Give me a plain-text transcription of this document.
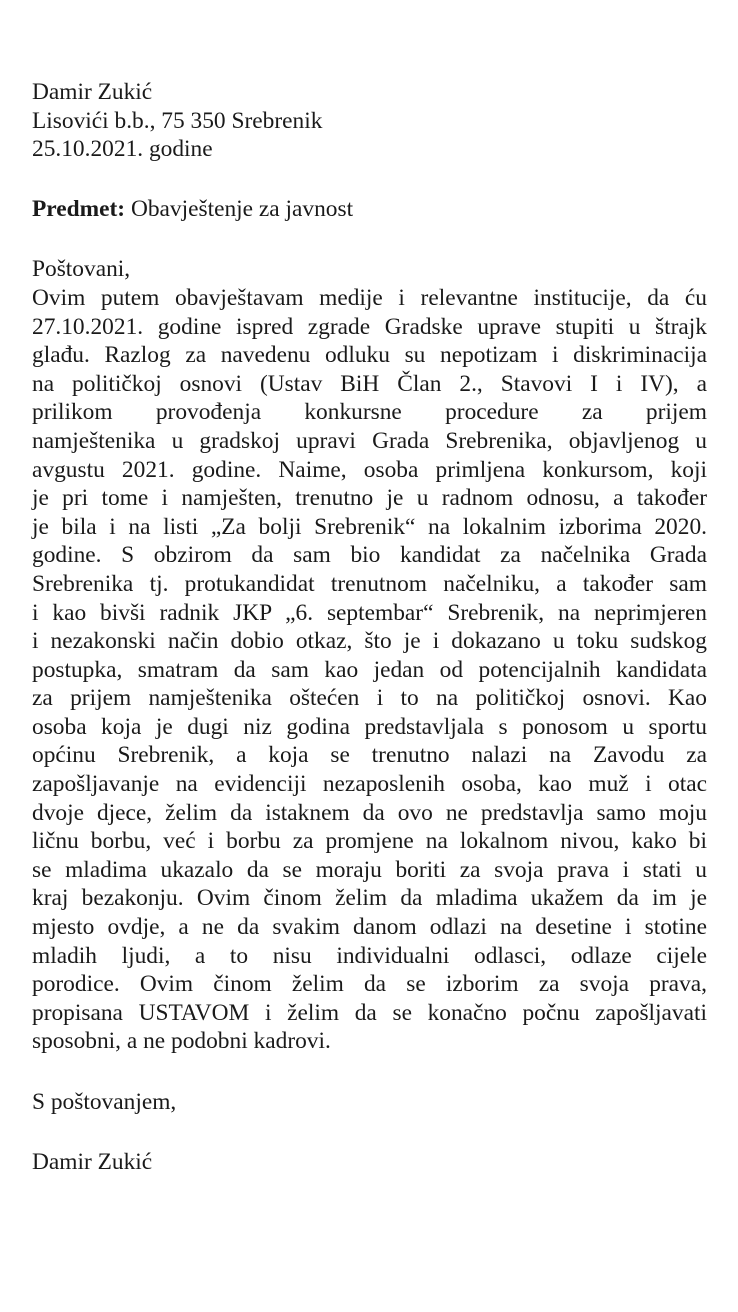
Damir Zukić
Lisovići b.b., 75 350 Srebrenik
25.10.2021. godine
Predmet: Obavještenje za javnost
Poštovani,
Ovim putem obavještavam medije i relevantne institucije, da ću
27.10.2021. godine ispred zgrade Gradske uprave stupiti u štrajk
glađu. Razlog za navedenu odluku su nepotizam i diskriminacija
na političkoj osnovi (Ustav BiH Član 2., Stavovi I i IV), a
prilikom provođenja konkursne procedure za prijem
namještenika u gradskoj upravi Grada Srebrenika, objavljenog u
avgustu 2021. godine. Naime, osoba primljena konkursom, koji
je pri tome i namješten, trenutno je u radnom odnosu, a također
je bila i na listi „Za bolji Srebrenik“ na lokalnim izborima 2020.
godine. S obzirom da sam bio kandidat za načelnika Grada
Srebrenika tj. protukandidat trenutnom načelniku, a također sam
i kao bivši radnik JKP „6. septembar“ Srebrenik, na neprimjeren
i nezakonski način dobio otkaz, što je i dokazano u toku sudskog
postupka, smatram da sam kao jedan od potencijalnih kandidata
za prijem namještenika oštećen i to na političkoj osnovi. Kao
osoba koja je dugi niz godina predstavljala s ponosom u sportu
općinu Srebrenik, a koja se trenutno nalazi na Zavodu za
zapošljavanje na evidenciji nezaposlenih osoba, kao muž i otac
dvoje djece, želim da istaknem da ovo ne predstavlja samo moju
ličnu borbu, već i borbu za promjene na lokalnom nivou, kako bi
se mladima ukazalo da se moraju boriti za svoja prava i stati u
kraj bezakonju. Ovim činom želim da mladima ukažem da im je
mjesto ovdje, a ne da svakim danom odlazi na desetine i stotine
mladih ljudi, a to nisu individualni odlasci, odlaze cijele
porodice. Ovim činom želim da se izborim za svoja prava,
propisana USTAVOM i želim da se konačno počnu zapošljavati
sposobni, a ne podobni kadrovi.
S poštovanjem,
Damir Zukić
